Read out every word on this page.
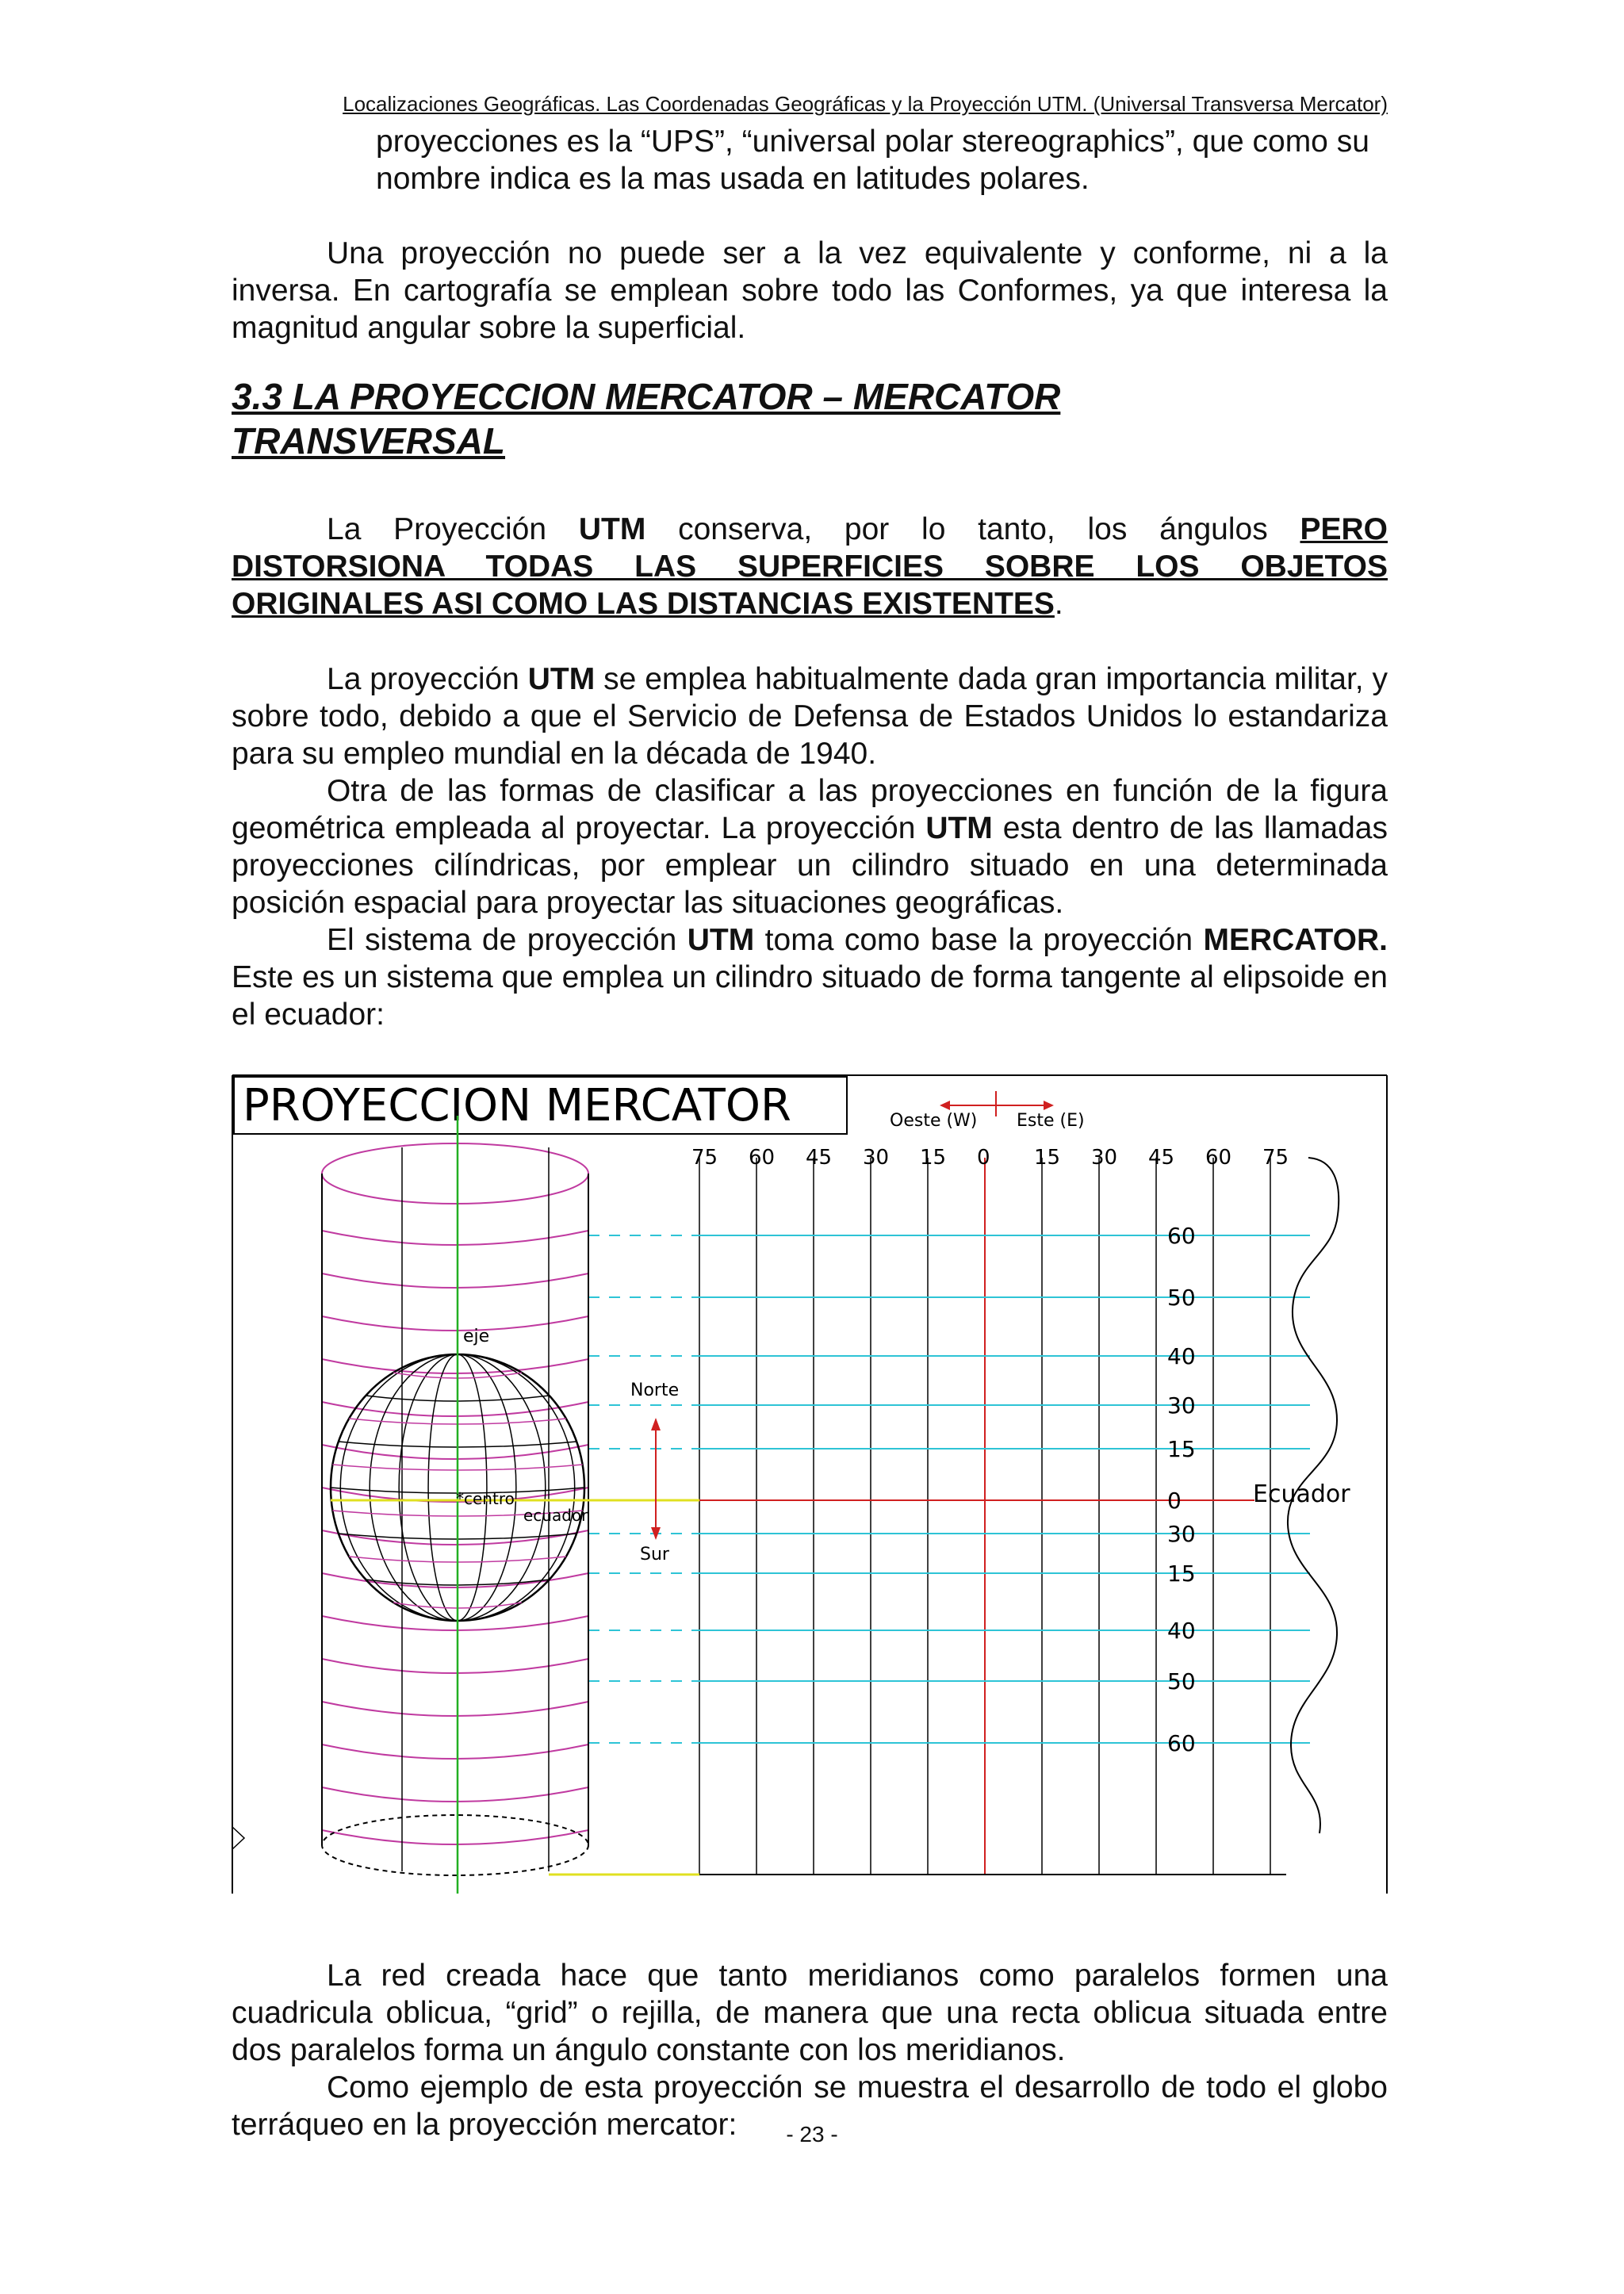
Localizaciones Geográficas. Las Coordenadas Geográficas y la Proyección UTM. (Universal Transversa Mercator)
proyecciones es la “UPS”, “universal polar stereographics”, que como su nombre indica es la mas usada en latitudes polares.
Una proyección no puede ser a la vez equivalente y conforme, ni a la inversa. En cartografía se emplean sobre todo las Conformes, ya que interesa la magnitud angular sobre la superficial.
3.3 LA PROYECCION MERCATOR – MERCATOR TRANSVERSAL
La Proyección UTM conserva, por lo tanto, los ángulos PERO DISTORSIONA TODAS LAS SUPERFICIES SOBRE LOS OBJETOS ORIGINALES ASI COMO LAS DISTANCIAS EXISTENTES.
La proyección UTM se emplea habitualmente dada gran importancia militar, y sobre todo, debido a que el Servicio de Defensa de Estados Unidos lo estandariza para su empleo mundial en la década de 1940.
Otra de las formas de clasificar a las proyecciones en función de la figura geométrica empleada al proyectar. La proyección UTM esta dentro de las llamadas proyecciones cilíndricas, por emplear un cilindro situado en una determinada posición espacial para proyectar las situaciones geográficas.
El sistema de proyección UTM toma como base la proyección MERCATOR. Este es un sistema que emplea un cilindro situado de forma tangente al elipsoide en el ecuador:
PROYECCION MERCATOR	Oeste (W) Este (E)
75 60 45 30 15 0 15 30 45 60 75
60
50
40
30
15
0
30
15
40
50
60
eje
*centro
ecuador
Norte
Sur
Ecuador
La red creada hace que tanto meridianos como paralelos formen una cuadricula oblicua, “grid” o rejilla, de manera que una recta oblicua situada entre dos paralelos forma un ángulo constante con los meridianos.
Como ejemplo de esta proyección se muestra el desarrollo de todo el globo terráqueo en la proyección mercator:	- 23 -
